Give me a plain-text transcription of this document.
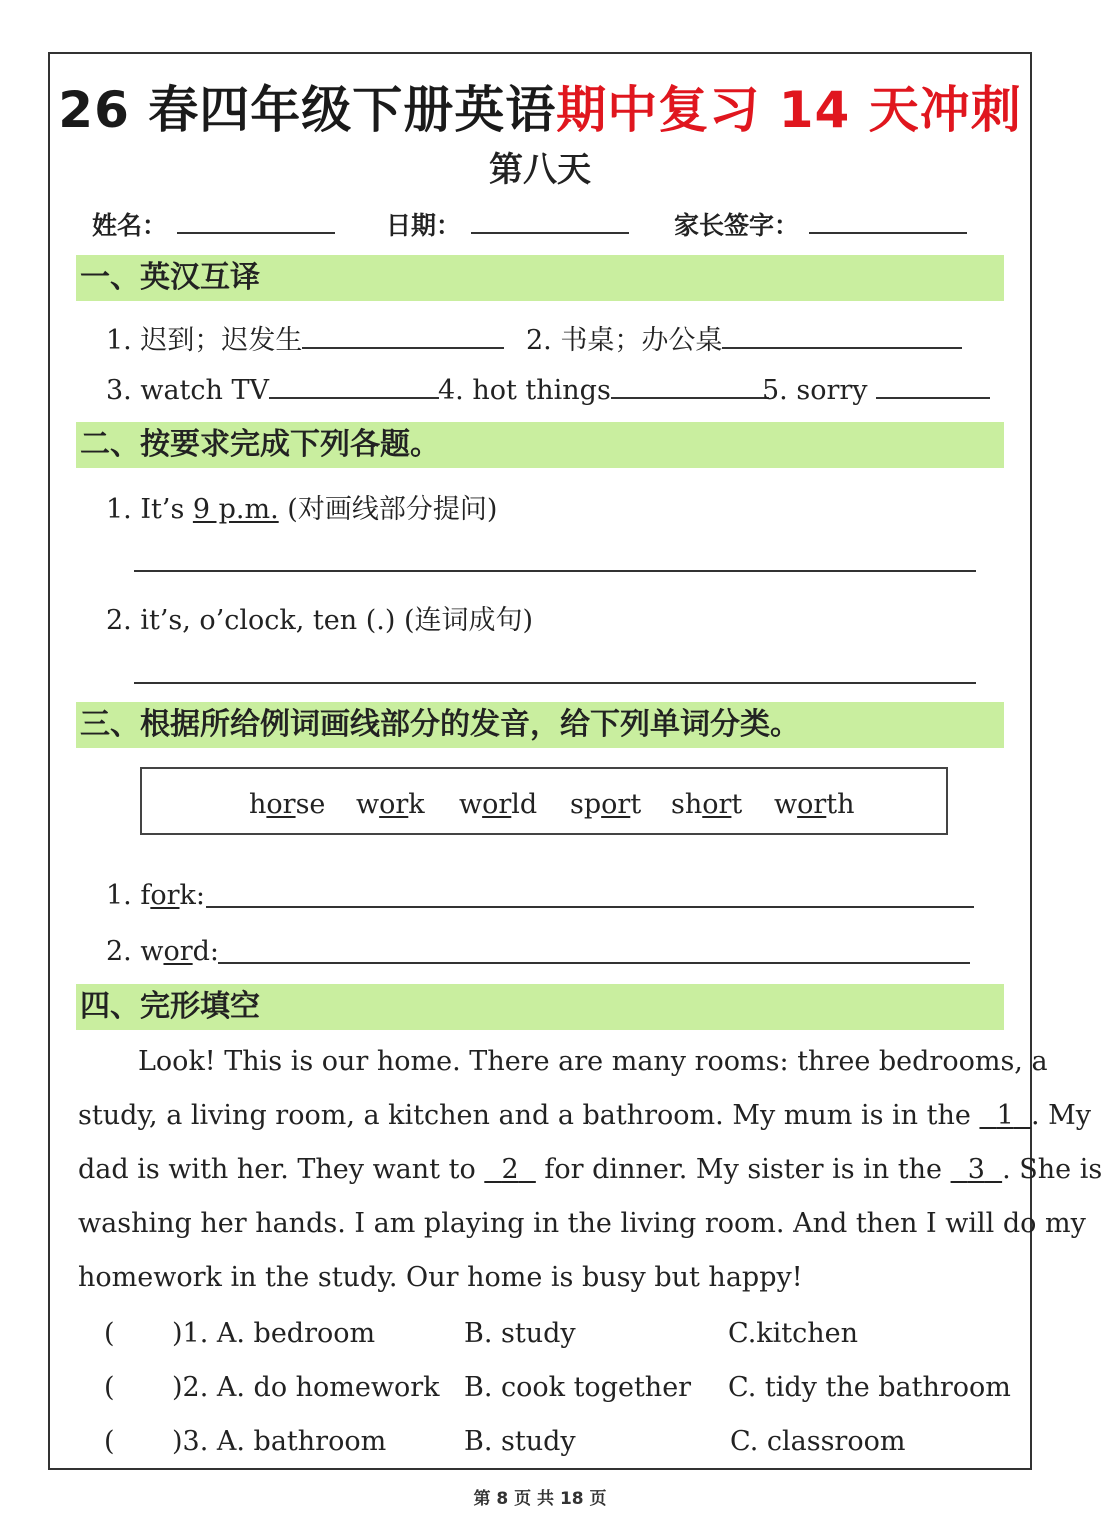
26 春四年级下册英语期中复习 14 天冲刺
第八天
姓名：	日期：	家长签字：
一、英汉互译
1. 迟到；迟发生	2. 书桌；办公桌
3. watch TV	4. hot things	5. sorry
二、按要求完成下列各题。
1. It’s 9 p.m. (对画线部分提问)
2. it’s, o’clock, ten (.) (连词成句)
三、根据所给例词画线部分的发音，给下列单词分类。
horse work world sport short worth
1. fork:
2. word:
四、完形填空
Look! This is our home. There are many rooms: three bedrooms, a
study, a living room, a kitchen and a bathroom. My mum is in the   1 . My
dad is with her. They want to   2   for dinner. My sister is in the   3 . She is
washing her hands. I am playing in the living room. And then I will do my
homework in the study. Our home is busy but happy!
( )1. A. bedroom	B. study	C.kitchen
( )2. A. do homework B. cook together C. tidy the bathroom
( )3. A. bathroom	B. study	C. classroom
第 8 页 共 18 页
